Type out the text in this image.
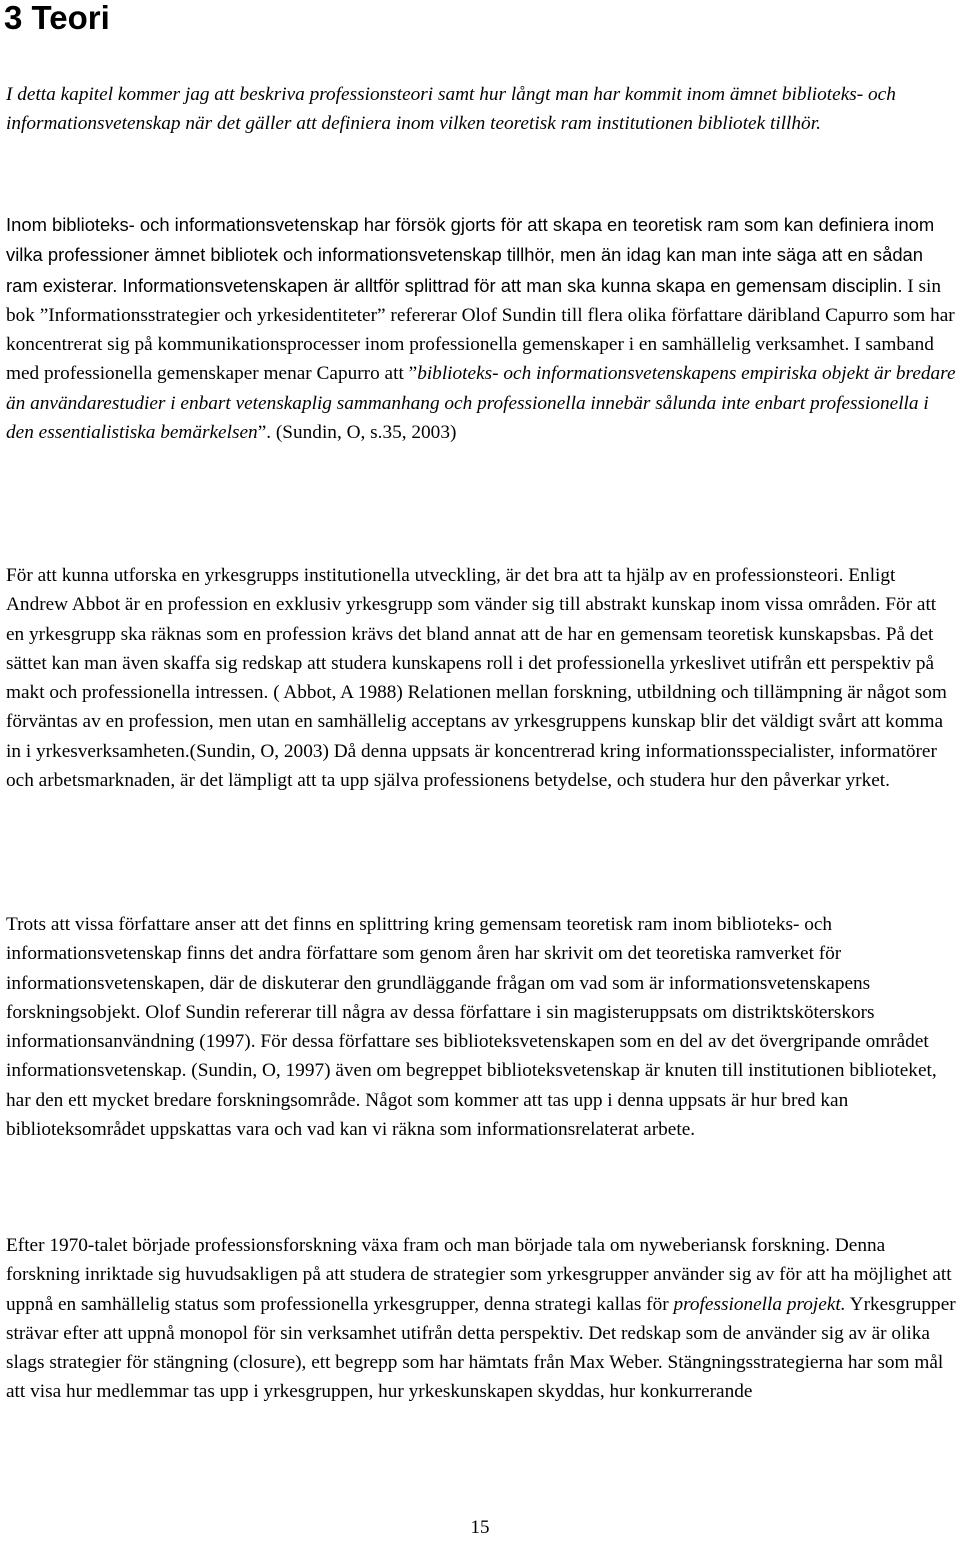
3 Teori

I detta kapitel kommer jag att beskriva professionsteori samt hur långt man har kommit inom ämnet biblioteks- och informationsvetenskap när det gäller att definiera inom vilken teoretisk ram institutionen bibliotek tillhör.

Inom biblioteks- och informationsvetenskap har försök gjorts för att skapa en teoretisk ram som kan definiera inom vilka professioner ämnet bibliotek och informationsvetenskap tillhör, men än idag kan man inte säga att en sådan ram existerar. Informationsvetenskapen är alltför splittrad för att man ska kunna skapa en gemensam disciplin. I sin bok ”Informationsstrategier och yrkesidentiteter” refererar Olof Sundin till flera olika författare däribland Capurro som har koncentrerat sig på kommunikationsprocesser inom professionella gemenskaper i en samhällelig verksamhet. I samband med professionella gemenskaper menar Capurro att ”biblioteks- och informationsvetenskapens empiriska objekt är bredare än användarestudier i enbart vetenskaplig sammanhang och professionella innebär sålunda inte enbart professionella i den essentialistiska bemärkelsen”. (Sundin, O, s.35, 2003)

För att kunna utforska en yrkesgrupps institutionella utveckling, är det bra att ta hjälp av en professionsteori. Enligt Andrew Abbot är en profession en exklusiv yrkesgrupp som vänder sig till abstrakt kunskap inom vissa områden. För att en yrkesgrupp ska räknas som en profession krävs det bland annat att de har en gemensam teoretisk kunskapsbas. På det sättet kan man även skaffa sig redskap att studera kunskapens roll i det professionella yrkeslivet utifrån ett perspektiv på makt och professionella intressen. ( Abbot, A 1988) Relationen mellan forskning, utbildning och tillämpning är något som förväntas av en profession, men utan en samhällelig acceptans av yrkesgruppens kunskap blir det väldigt svårt att komma in i yrkesverksamheten.(Sundin, O, 2003) Då denna uppsats är koncentrerad kring informationsspecialister, informatörer och arbetsmarknaden, är det lämpligt att ta upp själva professionens betydelse, och studera hur den påverkar yrket.

Trots att vissa författare anser att det finns en splittring kring gemensam teoretisk ram inom biblioteks- och informationsvetenskap finns det andra författare som genom åren har skrivit om det teoretiska ramverket för informationsvetenskapen, där de diskuterar den grundläggande frågan om vad som är informationsvetenskapens forskningsobjekt. Olof Sundin refererar till några av dessa författare i sin magisteruppsats om distriktsköterskors informationsanvändning (1997). För dessa författare ses biblioteksvetenskapen som en del av det övergripande området informationsvetenskap. (Sundin, O, 1997) även om begreppet biblioteksvetenskap är knuten till institutionen biblioteket, har den ett mycket bredare forskningsområde. Något som kommer att tas upp i denna uppsats är hur bred kan biblioteksområdet uppskattas vara och vad kan vi räkna som informationsrelaterat arbete.

Efter 1970-talet började professionsforskning växa fram och man började tala om nyweberiansk forskning. Denna forskning inriktade sig huvudsakligen på att studera de strategier som yrkesgrupper använder sig av för att ha möjlighet att uppnå en samhällelig status som professionella yrkesgrupper, denna strategi kallas för professionella projekt. Yrkesgrupper strävar efter att uppnå monopol för sin verksamhet utifrån detta perspektiv. Det redskap som de använder sig av är olika slags strategier för stängning (closure), ett begrepp som har hämtats från Max Weber. Stängningsstrategierna har som mål att visa hur medlemmar tas upp i yrkesgruppen, hur yrkeskunskapen skyddas, hur konkurrerande

15
